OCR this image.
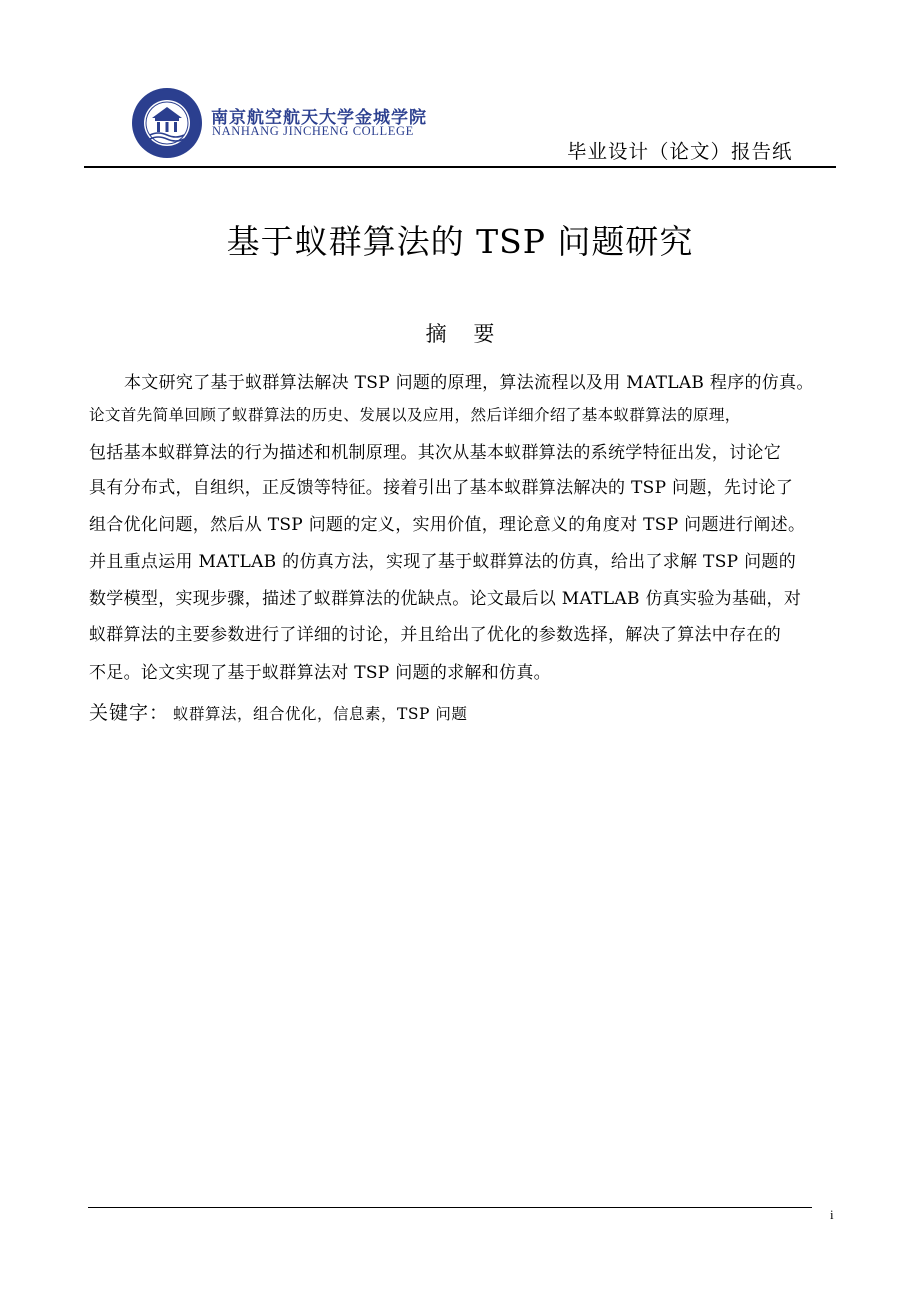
南京航空航天大学金城学院
NANHANG JINCHENG COLLEGE
毕业设计（论文）报告纸
基于蚁群算法的 TSP 问题研究
摘    要
本文研究了基于蚁群算法解决 TSP 问题的原理，算法流程以及用 MATLAB 程序的仿真。
论文首先简单回顾了蚁群算法的历史、发展以及应用，然后详细介绍了基本蚁群算法的原理，
包括基本蚁群算法的行为描述和机制原理。其次从基本蚁群算法的系统学特征出发，讨论它
具有分布式，自组织，正反馈等特征。接着引出了基本蚁群算法解决的 TSP 问题，先讨论了
组合优化问题，然后从 TSP 问题的定义，实用价值，理论意义的角度对 TSP 问题进行阐述。
并且重点运用 MATLAB 的仿真方法，实现了基于蚁群算法的仿真，给出了求解 TSP 问题的
数学模型，实现步骤，描述了蚁群算法的优缺点。论文最后以 MATLAB 仿真实验为基础，对
蚁群算法的主要参数进行了详细的讨论，并且给出了优化的参数选择，解决了算法中存在的
不足。论文实现了基于蚁群算法对 TSP 问题的求解和仿真。
关键字： 蚁群算法，组合优化，信息素，TSP 问题
i
